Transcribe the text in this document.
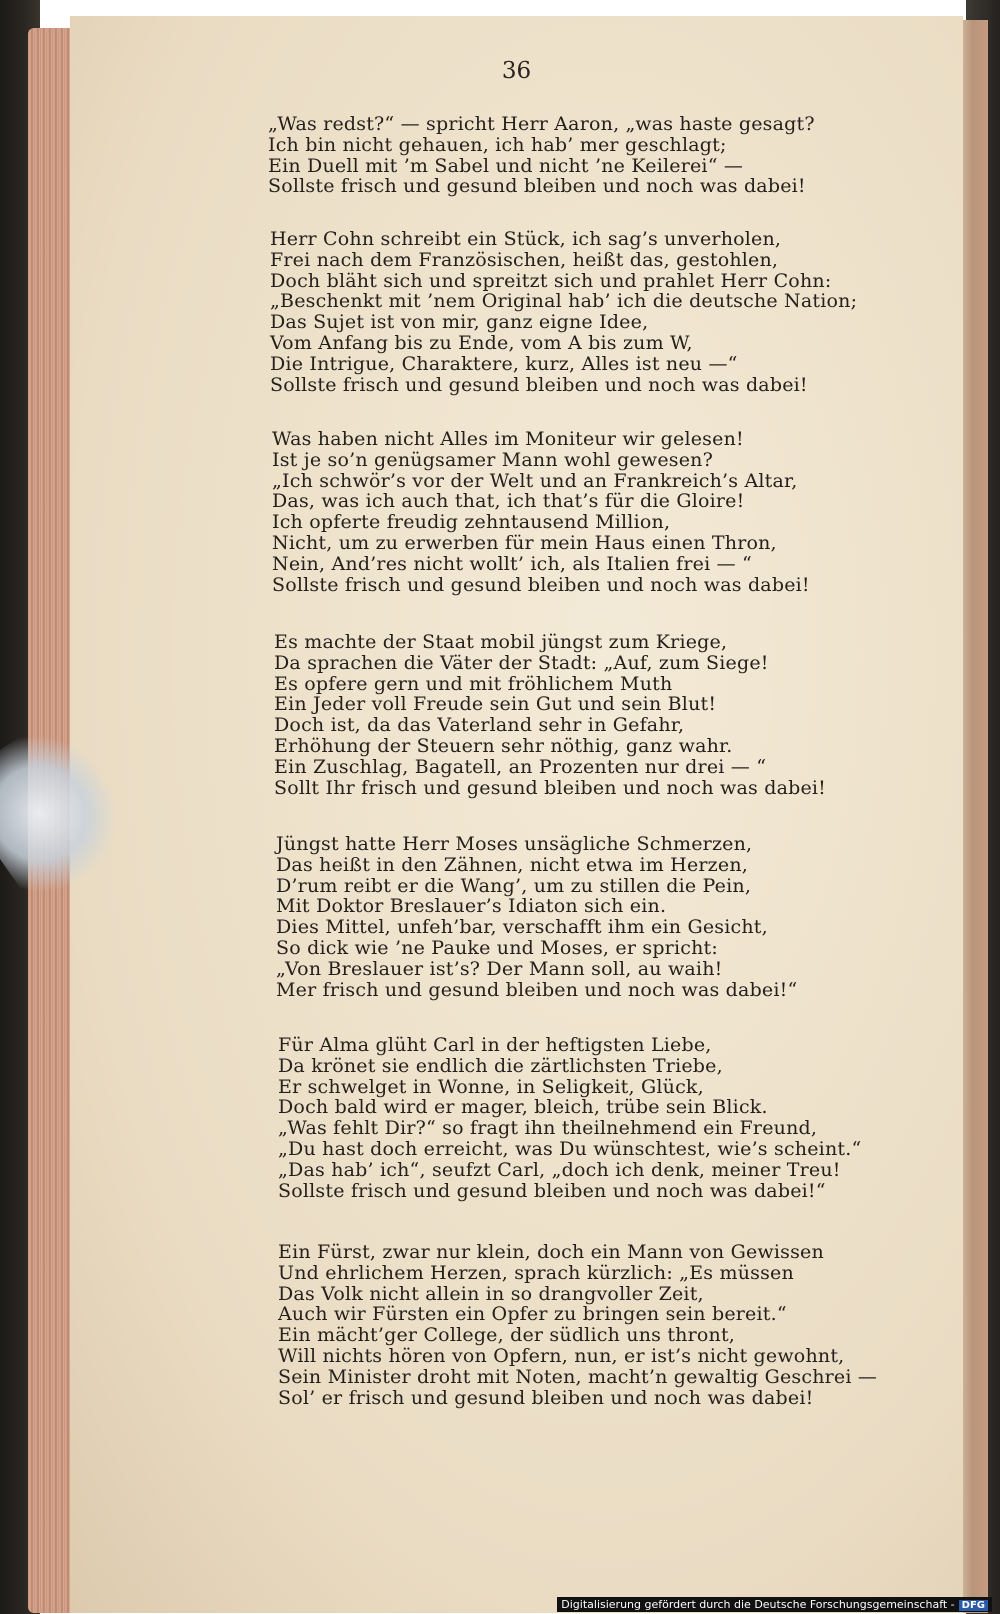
36
„Was redst?“ — spricht Herr Aaron, „was haste gesagt?
Ich bin nicht gehauen, ich hab’ mer geschlagt;
Ein Duell mit ’m Sabel und nicht ’ne Keilerei“ —
Sollste frisch und gesund bleiben und noch was dabei!
Herr Cohn schreibt ein Stück, ich sag’s unverholen,
Frei nach dem Französischen, heißt das, gestohlen,
Doch bläht sich und spreitzt sich und prahlet Herr Cohn:
„Beschenkt mit ’nem Original hab’ ich die deutsche Nation;
Das Sujet ist von mir, ganz eigne Idee,
Vom Anfang bis zu Ende, vom A bis zum W,
Die Intrigue, Charaktere, kurz, Alles ist neu —“
Sollste frisch und gesund bleiben und noch was dabei!
Was haben nicht Alles im Moniteur wir gelesen!
Ist je so’n genügsamer Mann wohl gewesen?
„Ich schwör’s vor der Welt und an Frankreich’s Altar,
Das, was ich auch that, ich that’s für die Gloire!
Ich opferte freudig zehntausend Million,
Nicht, um zu erwerben für mein Haus einen Thron,
Nein, And’res nicht wollt’ ich, als Italien frei — “
Sollste frisch und gesund bleiben und noch was dabei!
Es machte der Staat mobil jüngst zum Kriege,
Da sprachen die Väter der Stadt: „Auf, zum Siege!
Es opfere gern und mit fröhlichem Muth
Ein Jeder voll Freude sein Gut und sein Blut!
Doch ist, da das Vaterland sehr in Gefahr,
Erhöhung der Steuern sehr nöthig, ganz wahr.
Ein Zuschlag, Bagatell, an Prozenten nur drei — “
Sollt Ihr frisch und gesund bleiben und noch was dabei!
Jüngst hatte Herr Moses unsägliche Schmerzen,
Das heißt in den Zähnen, nicht etwa im Herzen,
D’rum reibt er die Wang’, um zu stillen die Pein,
Mit Doktor Breslauer’s Idiaton sich ein.
Dies Mittel, unfeh’bar, verschafft ihm ein Gesicht,
So dick wie ’ne Pauke und Moses, er spricht:
„Von Breslauer ist’s? Der Mann soll, au waih!
Mer frisch und gesund bleiben und noch was dabei!“
Für Alma glüht Carl in der heftigsten Liebe,
Da krönet sie endlich die zärtlichsten Triebe,
Er schwelget in Wonne, in Seligkeit, Glück,
Doch bald wird er mager, bleich, trübe sein Blick.
„Was fehlt Dir?“ so fragt ihn theilnehmend ein Freund,
„Du hast doch erreicht, was Du wünschtest, wie’s scheint.“
„Das hab’ ich“, seufzt Carl, „doch ich denk, meiner Treu!
Sollste frisch und gesund bleiben und noch was dabei!“
Ein Fürst, zwar nur klein, doch ein Mann von Gewissen
Und ehrlichem Herzen, sprach kürzlich: „Es müssen
Das Volk nicht allein in so drangvoller Zeit,
Auch wir Fürsten ein Opfer zu bringen sein bereit.“
Ein mächt’ger College, der südlich uns thront,
Will nichts hören von Opfern, nun, er ist’s nicht gewohnt,
Sein Minister droht mit Noten, macht’n gewaltig Geschrei —
Sol’ er frisch und gesund bleiben und noch was dabei!
Digitalisierung gefördert durch die Deutsche Forschungsgemeinschaft - DFG
